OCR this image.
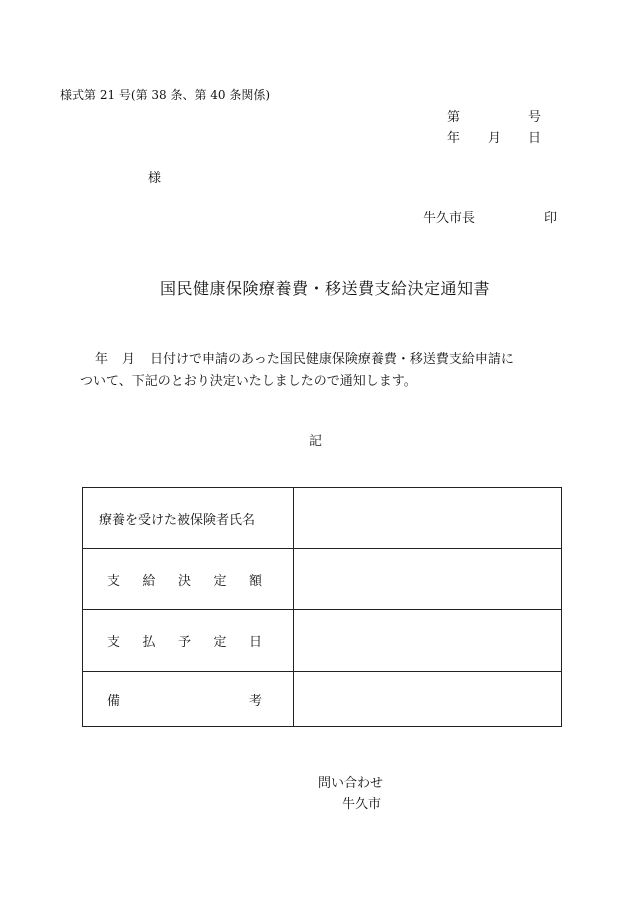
様式第 21 号(第 38 条、第 40 条関係)
第	号
年 月 日
様
牛久市長	印
国民健康保険療養費・移送費支給決定通知書
年 月 日付けで申請のあった国民健康保険療養費・移送費支給申請に
ついて、下記のとおり決定いたしましたので通知します。
記
療養を受けた被保険者氏名	

支 給 決 定 額	

支 払 予 定 日	

備 考	

問い合わせ
牛久市
